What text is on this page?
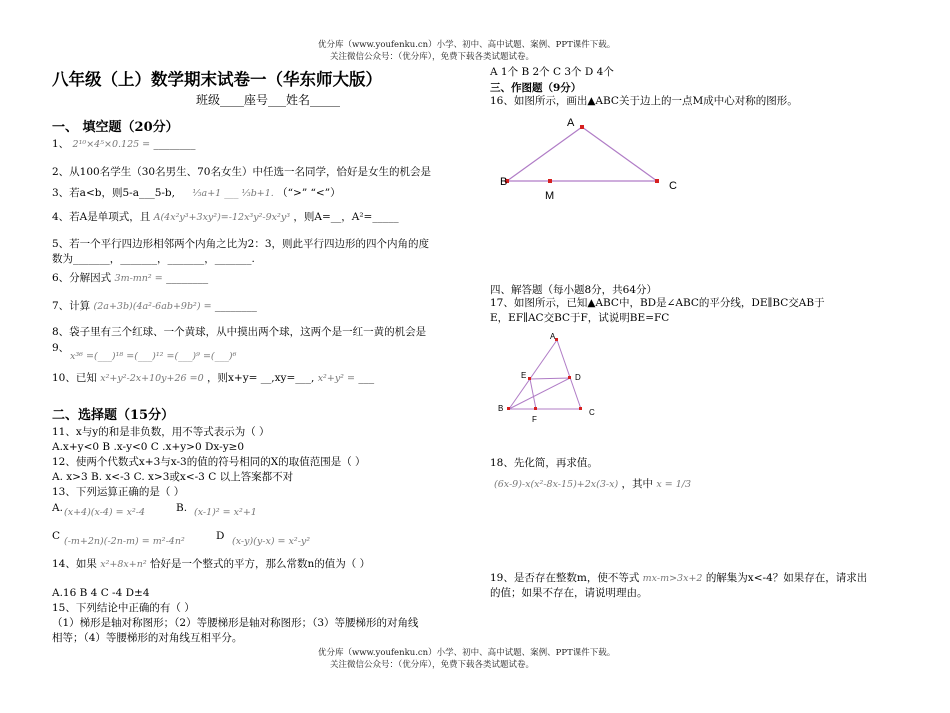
优分库（www.youfenku.cn）小学、初中、高中试题、案例、PPT课件下载。
关注微信公众号：（优分库），免费下载各类试题试卷。
八年级（上）数学期末试卷一（华东师大版）
班级____座号___姓名_____
一、 填空题（20分）
1、 2¹⁰×4⁵×0.125 = ________
2、从100名学生（30名男生、70名女生）中任选一名同学，恰好是女生的机会是
3、若a<b，则5-a___5-b, ⅓a+1 ___ ⅓b+1. （“>” “<”）
4、若A是单项式，且 A(4x²y³+3xy²)=-12x³y²-9x²y³ ，则A=__，A²=_____
5、若一个平行四边形相邻两个内角之比为2：3，则此平行四边形的四个内角的度
数为_______，_______，_______，_______.
6、分解因式 3m-mn² = ________
7、计算 (2a+3b)(4a²-6ab+9b²) = ________
8、袋子里有三个红球、一个黄球，从中摸出两个球，这两个是一红一黄的机会是
9、
x³⁶ =(___)¹⁸ =(___)¹² =(___)⁹ =(___)⁶
10、已知 x²+y²-2x+10y+26 =0 ，则x+y= __,xy=___, x²+y² = ___
二、选择题（15分）
11、x与y的和是非负数，用不等式表示为（ ）
A.x+y<0 B .x-y<0 C .x+y>0 Dx-y≥0
12、使两个代数式x+3与x-3的值的符号相同的X的取值范围是（ ）
A. x>3 B. x<-3 C. x>3或x<-3 C 以上答案都不对
13、下列运算正确的是（ ）
A. (x+4)(x-4) = x²-4	B. (x-1)² = x²+1
C (-m+2n)(-2n-m) = m²-4n²	D (x-y)(y-x) = x²-y²
14、如果 x²+8x+n² 恰好是一个整式的平方，那么常数n的值为（ ）
A.16 B 4 C -4 D±4
15、下列结论中正确的有（ ）
（1）梯形是轴对称图形；（2）等腰梯形是轴对称图形；（3）等腰梯形的对角线
相等；（4）等腰梯形的对角线互相平分。
A 1个 B 2个 C 3个 D 4个
三、作图题（9分）
16、如图所示，画出▲ABC关于边上的一点M成中心对称的图形。
A
B	C
M
四、解答题（每小题8分，共64分）
17、如图所示，已知▲ABC中，BD是∠ABC的平分线，DE∥BC交AB于
E，EF∥AC交BC于F，试说明BE=FC
A
B	C
D
E
F
18、先化简，再求值。
(6x-9)-x(x²-8x-15)+2x(3-x) ，其中 x = 1/3
19、是否存在整数m，使不等式 mx-m>3x+2 的解集为x<-4？如果存在，请求出
的值；如果不存在，请说明理由。
优分库（www.youfenku.cn）小学、初中、高中试题、案例、PPT课件下载。
关注微信公众号：（优分库），免费下载各类试题试卷。
